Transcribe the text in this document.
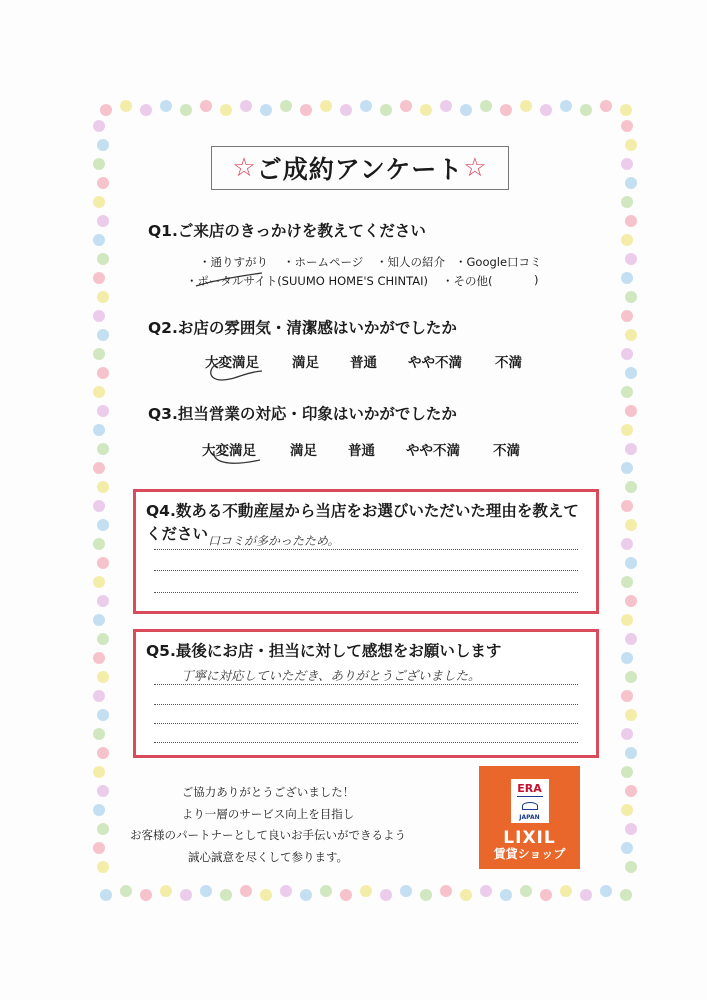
☆ ご成約アンケート ☆
Q1.ご来店のきっかけを教えてください
・通りすがり ・ホームページ ・知人の紹介 ・Google口コミ
・ポータルサイト(SUUMO HOME'S CHINTAI) ・その他(	)
Q2.お店の雰囲気・清潔感はいかがでしたか
大変満足 満足 普通 やや不満 不満
Q3.担当営業の対応・印象はいかがでしたか
大変満足	満足 普通 やや不満 不満
Q4.数ある不動産屋から当店をお選びいただいた理由を教えて
ください 口コミが多かったため。
Q5.最後にお店・担当に対して感想をお願いします
丁寧に対応していただき、ありがとうございました。
ご協力ありがとうございました！
より一層のサービス向上を目指し
お客様のパートナーとして良いお手伝いができるよう
誠心誠意を尽くして参ります。
ERA
JAPAN
LIXIL
賃貸ショップ
